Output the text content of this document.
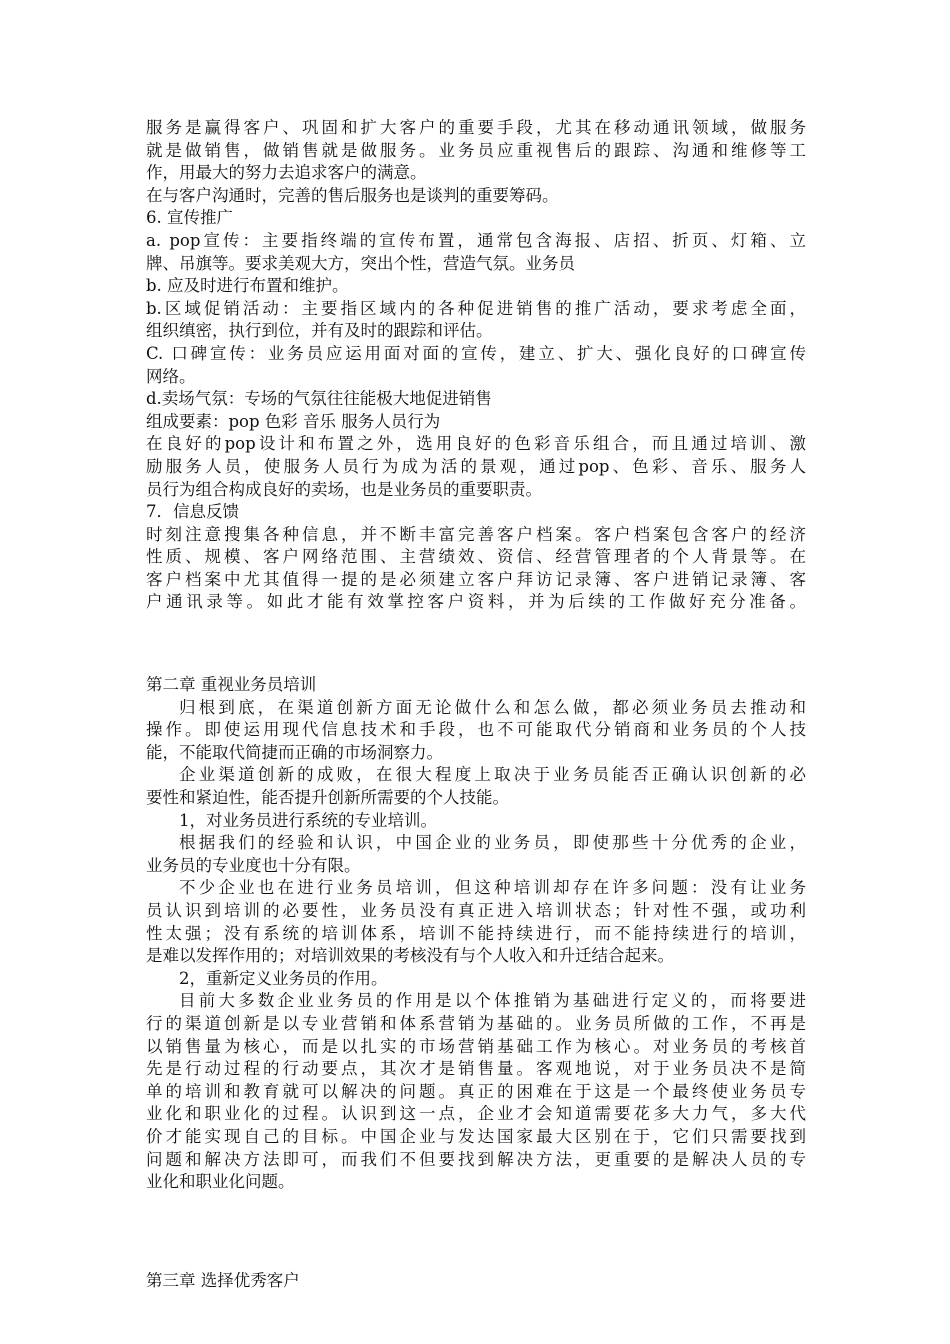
服务是赢得客户、巩固和扩大客户的重要手段，尤其在移动通讯领域，做服务
就是做销售，做销售就是做服务。业务员应重视售后的跟踪、沟通和维修等工
作，用最大的努力去追求客户的满意。
在与客户沟通时，完善的售后服务也是谈判的重要筹码。
6. 宣传推广
a. pop宣传：主要指终端的宣传布置，通常包含海报、店招、折页、灯箱、立
牌、吊旗等。要求美观大方，突出个性，营造气氛。业务员
b. 应及时进行布置和维护。
b.区域促销活动：主要指区域内的各种促进销售的推广活动，要求考虑全面，
组织缜密，执行到位，并有及时的跟踪和评估。
C. 口碑宣传：业务员应运用面对面的宣传，建立、扩大、强化良好的口碑宣传
网络。
d.卖场气氛：专场的气氛往往能极大地促进销售
组成要素：pop 色彩 音乐 服务人员行为
在良好的pop设计和布置之外，选用良好的色彩音乐组合，而且通过培训、激
励服务人员，使服务人员行为成为活的景观，通过pop、色彩、音乐、服务人
员行为组合构成良好的卖场，也是业务员的重要职责。
7．信息反馈
时刻注意搜集各种信息，并不断丰富完善客户档案。客户档案包含客户的经济
性质、规模、客户网络范围、主营绩效、资信、经营管理者的个人背景等。在
客户档案中尤其值得一提的是必须建立客户拜访记录簿、客户进销记录簿、客
户通讯录等。如此才能有效掌控客户资料，并为后续的工作做好充分准备。
第二章 重视业务员培训
归根到底，在渠道创新方面无论做什么和怎么做，都必须业务员去推动和
操作。即使运用现代信息技术和手段，也不可能取代分销商和业务员的个人技
能，不能取代简捷而正确的市场洞察力。
企业渠道创新的成败，在很大程度上取决于业务员能否正确认识创新的必
要性和紧迫性，能否提升创新所需要的个人技能。
1，对业务员进行系统的专业培训。
根据我们的经验和认识，中国企业的业务员，即使那些十分优秀的企业，
业务员的专业度也十分有限。
不少企业也在进行业务员培训，但这种培训却存在许多问题：没有让业务
员认识到培训的必要性，业务员没有真正进入培训状态；针对性不强，或功利
性太强；没有系统的培训体系，培训不能持续进行，而不能持续进行的培训，
是难以发挥作用的；对培训效果的考核没有与个人收入和升迁结合起来。
2，重新定义业务员的作用。
目前大多数企业业务员的作用是以个体推销为基础进行定义的，而将要进
行的渠道创新是以专业营销和体系营销为基础的。业务员所做的工作，不再是
以销售量为核心，而是以扎实的市场营销基础工作为核心。对业务员的考核首
先是行动过程的行动要点，其次才是销售量。客观地说，对于业务员决不是简
单的培训和教育就可以解决的问题。真正的困难在于这是一个最终使业务员专
业化和职业化的过程。认识到这一点，企业才会知道需要花多大力气，多大代
价才能实现自己的目标。中国企业与发达国家最大区别在于，它们只需要找到
问题和解决方法即可，而我们不但要找到解决方法，更重要的是解决人员的专
业化和职业化问题。
第三章 选择优秀客户
